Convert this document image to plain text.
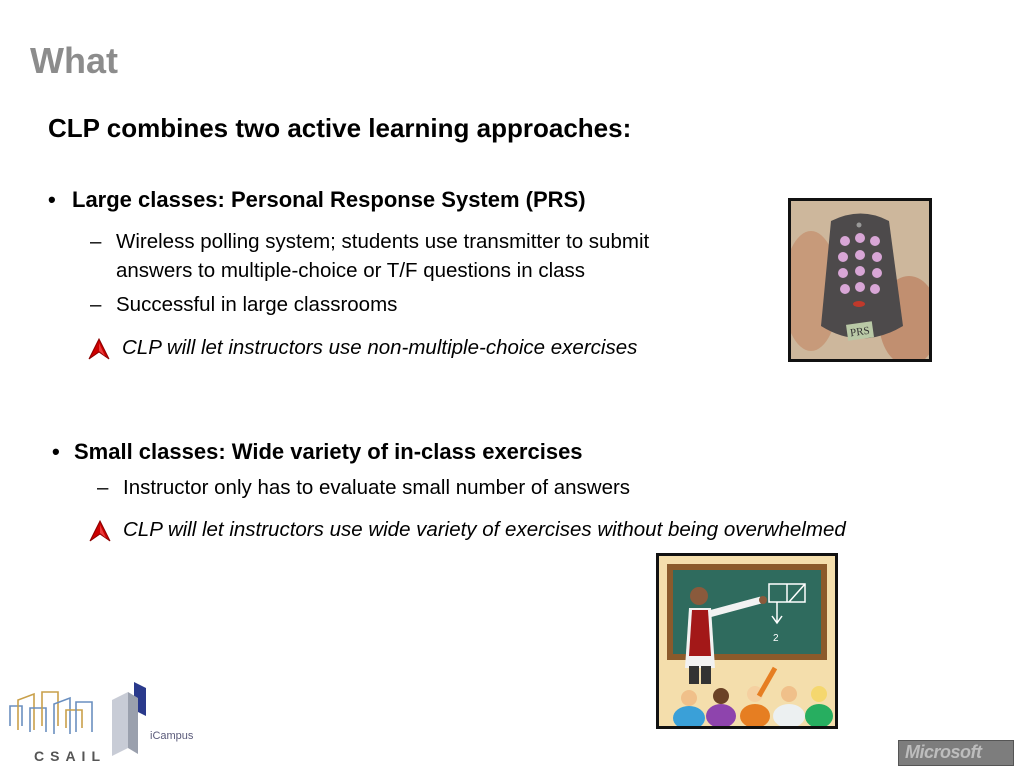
What
CLP combines two active learning approaches:
• Large classes: Personal Response System (PRS)
– Wireless polling system; students use transmitter to submit
answers to multiple-choice or T/F questions in class
– Successful in large classrooms
CLP will let instructors use non-multiple-choice exercises
PRS
• Small classes: Wide variety of in-class exercises
– Instructor only has to evaluate small number of answers
CLP will let instructors use wide variety of exercises without being overwhelmed
2
CSAIL
iCampus
Microsoft
